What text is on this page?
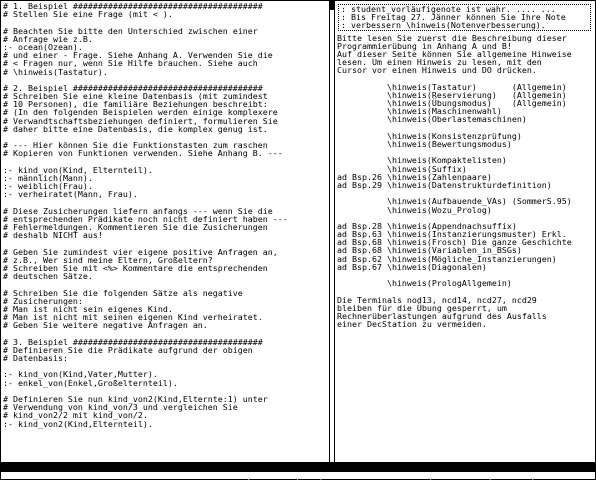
# 1. Beispiel ######################################
# Stellen Sie eine Frage (mit < ).
# Beachten Sie bitte den Unterschied zwischen einer
# Anfrage wie z.B.
:- ocean(Ozean).
# und einer - Frage. Siehe Anhang A. Verwenden Sie die
# < Fragen nur, wenn Sie Hilfe brauchen. Siehe auch
# \hinweis(Tastatur).
# 2. Beispiel ######################################
# Schreiben Sie eine kleine Datenbasis (mit zumindest
# 10 Personen), die familiäre Beziehungen beschreibt:
# (In den folgenden Beispielen werden einige komplexere
# Verwandtschaftsbeziehungen definiert, formulieren Sie
# daher bitte eine Datenbasis, die komplex genug ist.
# --- Hier können Sie die Funktionstasten zum raschen
# Kopieren von Funktionen verwenden. Siehe Anhang B. ---
:- kind_von(Kind, Elternteil).
:- männlich(Mann).
:- weiblich(Frau).
:- verheiratet(Mann, Frau).
# Diese Zusicherungen liefern anfangs --- wenn Sie die
# entsprechenden Prädikate noch nicht definiert haben ---
# Fehlermeldungen. Kommentieren Sie die Zusicherungen
# deshalb NICHT aus!
# Geben Sie zumindest vier eigene positive Anfragen an,
# z.B., Wer sind meine Eltern, Großeltern?
# Schreiben Sie mit <%> Kommentare die entsprechenden
# deutschen Sätze.
# Schreiben Sie die folgenden Sätze als negative
# Zusicherungen:
# Man ist nicht sein eigenes Kind.
# Man ist nicht mit seinen eigenen Kind verheiratet.
# Geben Sie weitere negative Anfragen an.
# 3. Beispiel ######################################
# Definieren Sie die Prädikate aufgrund der obigen
# Datenbasis:
:- kind_von(Kind,Vater,Mutter).
:- enkel_von(Enkel,Großelternteil).
# Definieren Sie nun kind_von2(Kind,Elternte:1) unter
# Verwendung von kind_von/3 und vergleichen Sie
# kind_von2/2 mit kind_von/2.
:- kind_von2(Kind,Elternteil).
: student_vorläufigenote ist wahr. .... ...
: Bis Freitag 27. Jänner können Sie Ihre Note
: verbessern \hinweis(Notenverbesserung).
Bitte lesen Sie zuerst die Beschreibung dieser
Programmierübung in Anhang A und B!
Auf dieser Seite können Sie allgemeine Hinweise
lesen. Um einen Hinweis zu lesen, mit den
Cursor vor einen Hinweis und DO drücken.
\hinweis(Tastatur)       (Allgemein)
\hinweis(Reservierung)   (Allgemein)
\hinweis(Übungsmodus)    (Allgemein)
\hinweis(Maschinenwahl)
\hinweis(Oberlastemaschinen)
\hinweis(Konsistenzprüfung)
\hinweis(Bewertungsmodus)
\hinweis(Kompaktelisten)
\hinweis(Suffix)
ad Bsp.26 \hinweis(Zahlenpaare)
ad Bsp.29 \hinweis(Datenstrukturdefinition)
\hinweis(Aufbauende_VAs) (SommerS.95)
\hinweis(Wozu_Prolog)
ad Bsp.28 \hinweis(Appendnachsuffix)
ad Bsp.63 \hinweis(Instanzierungsmuster) Erkl.
ad Bsp.68 \hinweis(Frosch) Die ganze Geschichte
ad Bsp.68 \hinweis(Variablen_in_BSGs)
ad Bsp.62 \hinweis(Mögliche_Instanzierungen)
ad Bsp.67 \hinweis(Diagonalen)
\hinweis(PrologAllgemein)
Die Terminals nod13, ncd14, ncd27, ncd29
bleiben für die Übung gesperrt, um
Rechnerüberlastungen aufgrund des Ausfalls
einer DecStation zu vermeiden.
